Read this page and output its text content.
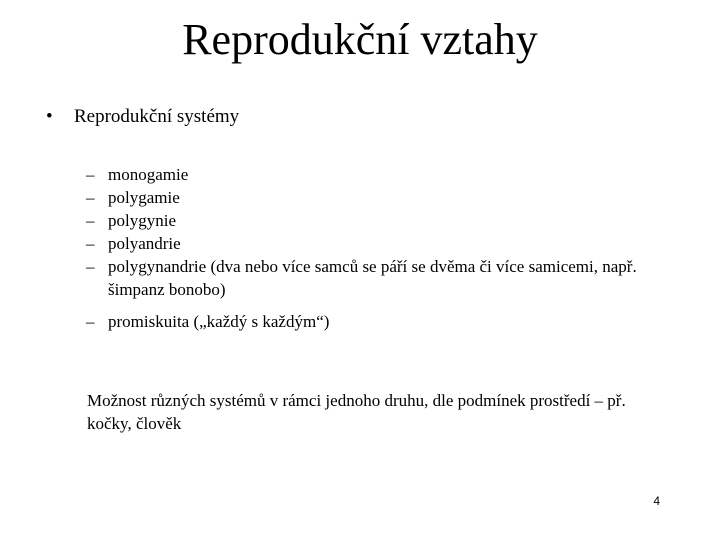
Reprodukční vztahy
• Reprodukční systémy
– monogamie
– polygamie
– polygynie
– polyandrie
– polygynandrie (dva nebo více samců se páří se dvěma či více samicemi, např. šimpanz bonobo)
– promiskuita („každý s každým“)
Možnost různých systémů v rámci jednoho druhu, dle podmínek prostředí – př. kočky, člověk
4
